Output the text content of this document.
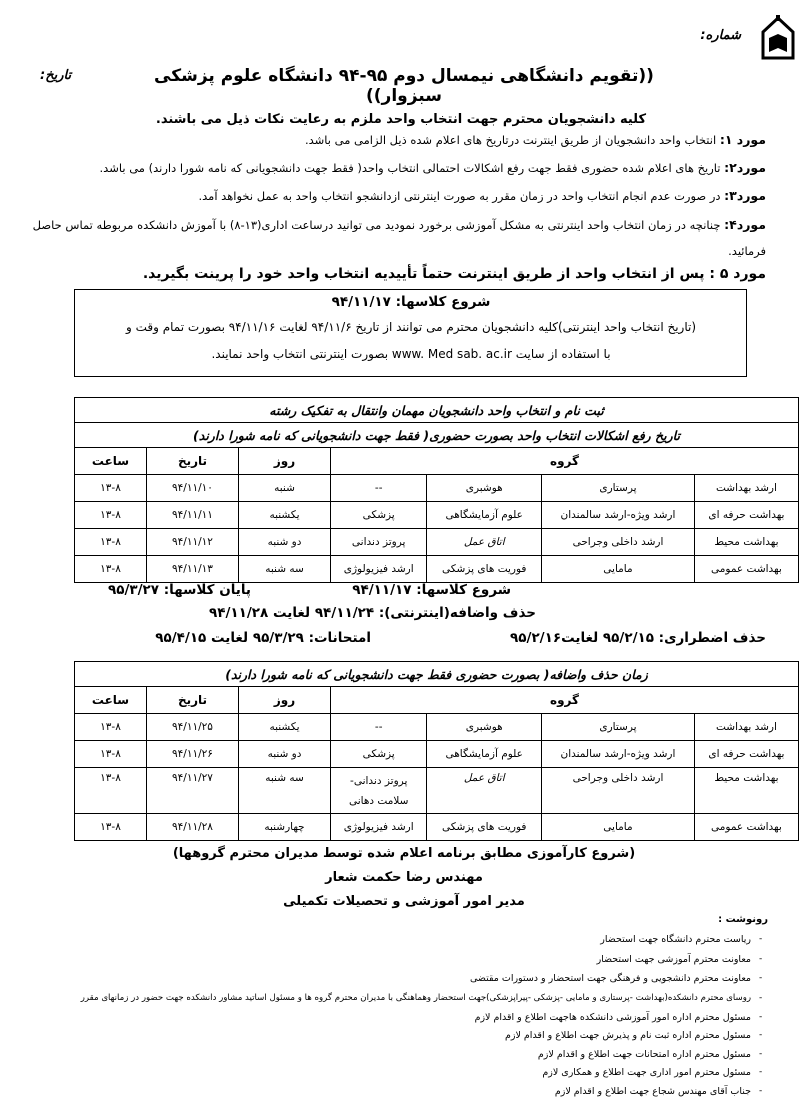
شماره:
تاریخ:	((تقویم دانشگاهی نیمسال دوم ۹۵-۹۴ دانشگاه علوم پزشکی سبزوار))
کلیه دانشجویان محترم جهت انتخاب واحد ملزم به رعایت نکات ذیل می باشند.
مورد ۱: انتخاب واحد دانشجویان از طریق اینترنت درتاریخ های اعلام شده ذیل الزامی می باشد.
مورد۲: تاریخ های اعلام شده حضوری فقط جهت رفع اشکالات احتمالی انتخاب واحد( فقط جهت دانشجویانی که نامه شورا دارند) می باشد.
مورد۳: در صورت عدم انجام انتخاب واحد در زمان مقرر به صورت اینترنتی ازدانشجو انتخاب واحد به عمل نخواهد آمد.
مورد۴: چنانچه در زمان انتخاب واحد اینترنتی به مشکل آموزشی برخورد نمودید می توانید درساعت اداری(۱۳-۸) با آموزش دانشکده مربوطه تماس حاصل فرمائید.
مورد ۵ : پس از انتخاب واحد از طریق اینترنت حتماً تأییدیه انتخاب واحد خود را پرینت بگیرید.
شروع کلاسها: ۹۴/۱۱/۱۷
(تاریخ انتخاب واحد اینترنتی)کلیه دانشجویان محترم می توانند از تاریخ ۹۴/۱۱/۶ لغایت ۹۴/۱۱/۱۶ بصورت تمام وقت و
با استفاده از سایت www. Med sab. ac.ir بصورت اینترنتی انتخاب واحد نمایند.
ثبت نام و انتخاب واحد دانشجویان مهمان وانتقال به تفکیک رشته						
تاریخ رفع اشکالات انتخاب واحد بصورت حضوری( فقط جهت دانشجویانی که نامه شورا دارند)						
گروه				روز	تاریخ	ساعت
ارشد بهداشت	پرستاری	هوشبری	--	شنبه	۹۴/۱۱/۱۰	۱۳-۸
بهداشت حرفه ای	ارشد ویژه-ارشد سالمندان	علوم آزمایشگاهی	پزشکی	یکشنبه	۹۴/۱۱/۱۱	۱۳-۸
بهداشت محیط	ارشد داخلی وجراحی	اتاق عمل	پروتز دندانی	دو شنبه	۹۴/۱۱/۱۲	۱۳-۸
بهداشت عمومی	مامایی	فوریت های پزشکی	ارشد فیزیولوژی	سه شنبه	۹۴/۱۱/۱۳	۱۳-۸
شروع کلاسها: ۹۴/۱۱/۱۷
پایان کلاسها: ۹۵/۳/۲۷
حذف واضافه(اینترنتی): ۹۴/۱۱/۲۴ لغایت ۹۴/۱۱/۲۸
حذف اضطراری: ۹۵/۲/۱۵ لغایت۹۵/۲/۱۶
امتحانات: ۹۵/۳/۲۹ لغایت ۹۵/۴/۱۵
زمان حذف واضافه( بصورت حضوری فقط جهت دانشجویانی که نامه شورا دارند)						
گروه				روز	تاریخ	ساعت
ارشد بهداشت	پرستاری	هوشبری	--	یکشنبه	۹۴/۱۱/۲۵	۱۳-۸
بهداشت حرفه ای	ارشد ویژه-ارشد سالمندان	علوم آزمایشگاهی	پزشکی	دو شنبه	۹۴/۱۱/۲۶	۱۳-۸
بهداشت محیط	ارشد داخلی وجراحی	اتاق عمل	پروتز دندانی-
سلامت دهانی	سه شنبه	۹۴/۱۱/۲۷	۱۳-۸
بهداشت عمومی	مامایی	فوریت های پزشکی	ارشد فیزیولوژی	چهارشنبه	۹۴/۱۱/۲۸	۱۳-۸
(شروع کارآموزی مطابق برنامه اعلام شده توسط مدیران محترم گروهها)
مهندس رضا حکمت شعار
مدیر امور آموزشی و تحصیلات تکمیلی
رونوشت :
ریاست محترم دانشگاه جهت استحضار
معاونت محترم آموزشی جهت استحضار
معاونت محترم دانشجویی و فرهنگی جهت استحضار و دستورات مقتضی
روسای محترم دانشکده(بهداشت -پرستاری و مامایی -پزشکی -پیراپزشکی)جهت استحضار وهماهنگی با مدیران محترم گروه ها و مسئول اساتید مشاور دانشکده جهت حضور در زمانهای مقرر
مسئول محترم اداره امور آموزشی دانشکده هاجهت اطلاع و اقدام لازم
مسئول محترم اداره ثبت نام و پذیرش جهت اطلاع و اقدام لازم
مسئول محترم اداره امتحانات جهت اطلاع و اقدام لازم
مسئول محترم امور اداری جهت اطلاع و همکاری لازم
جناب آقای مهندس شجاع جهت اطلاع و اقدام لازم
-
-
-
-
-
-
-
-
-
